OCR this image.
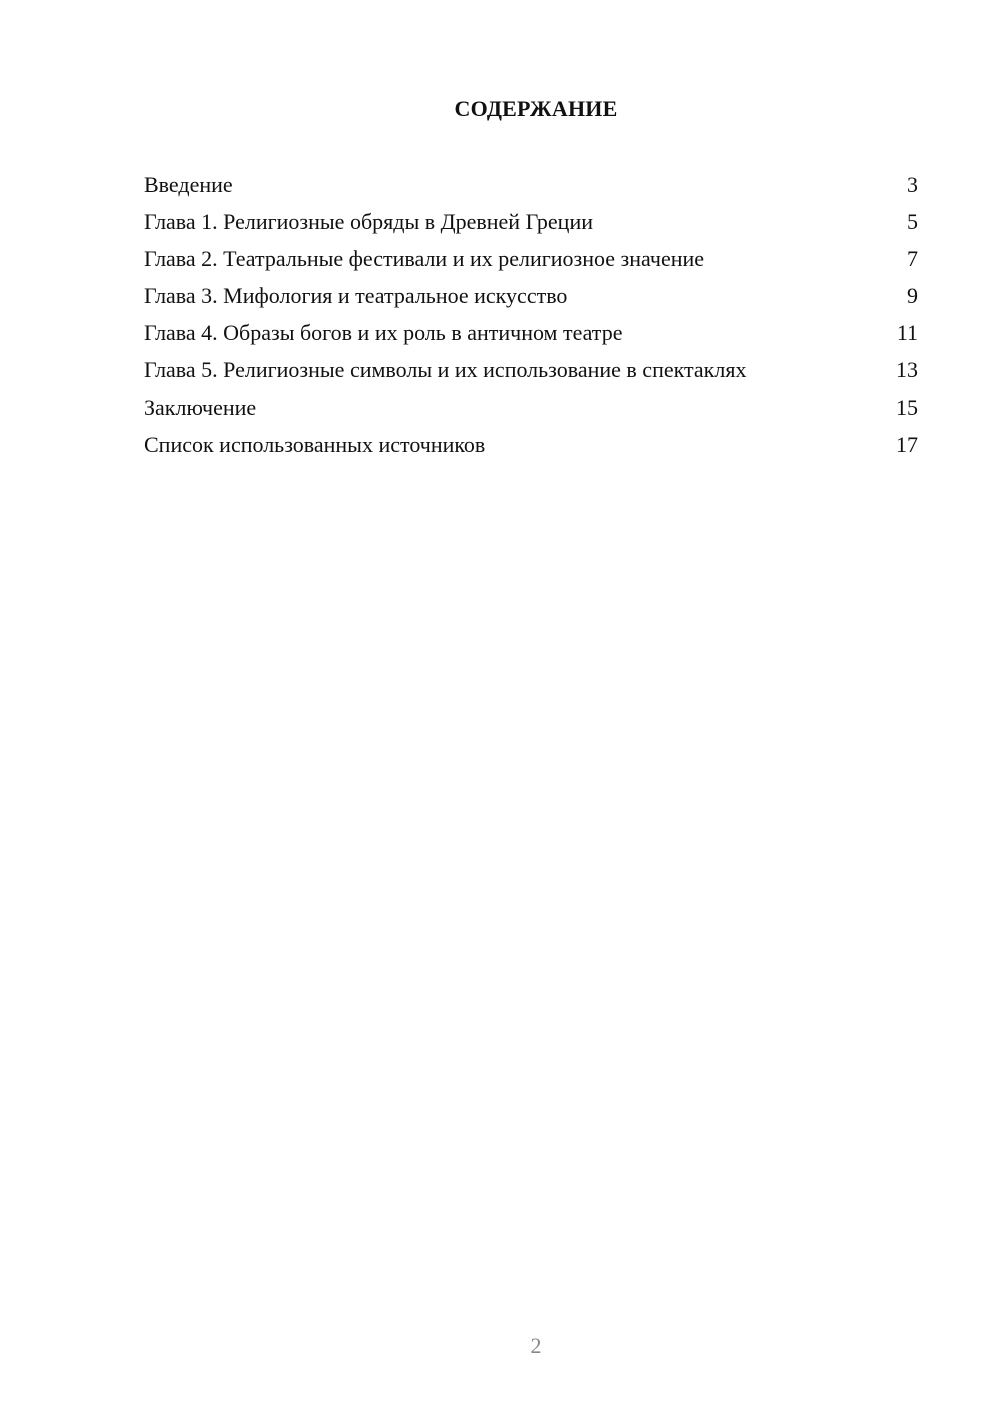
СОДЕРЖАНИЕ
Введение	3
Глава 1. Религиозные обряды в Древней Греции	5
Глава 2. Театральные фестивали и их религиозное значение	7
Глава 3. Мифология и театральное искусство	9
Глава 4. Образы богов и их роль в античном театре	11
Глава 5. Религиозные символы и их использование в спектаклях	13
Заключение	15
Список использованных источников	17
2
